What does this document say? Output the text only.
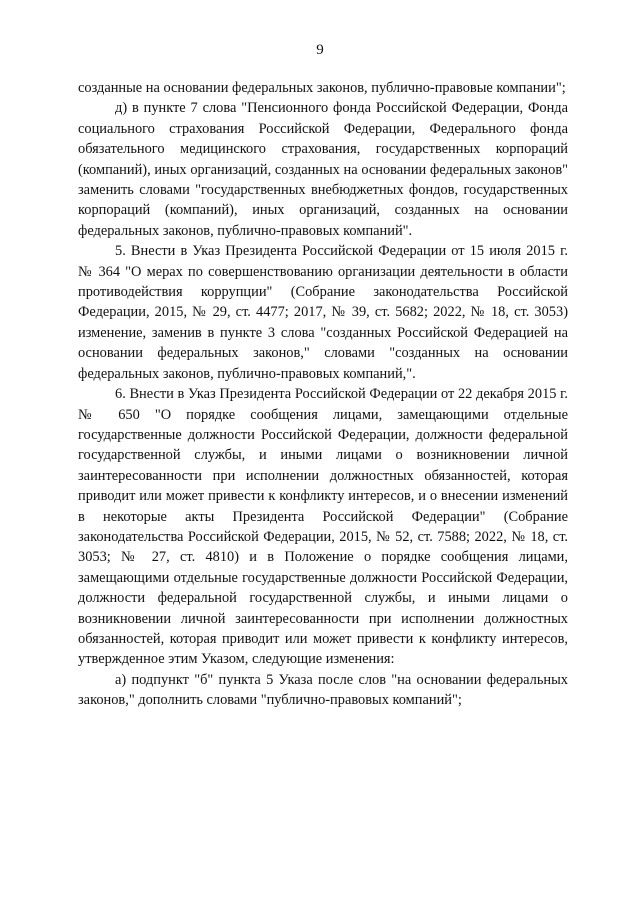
9

созданные на основании федеральных законов, публично-правовые компании";

д) в пункте 7 слова "Пенсионного фонда Российской Федерации, Фонда социального страхования Российской Федерации, Федерального фонда обязательного медицинского страхования, государственных корпораций (компаний), иных организаций, созданных на основании федеральных законов" заменить словами "государственных внебюджетных фондов, государственных корпораций (компаний), иных организаций, созданных на основании федеральных законов, публично-правовых компаний".

5. Внести в Указ Президента Российской Федерации от 15 июля 2015 г. № 364 "О мерах по совершенствованию организации деятельности в области противодействия коррупции" (Собрание законодательства Российской Федерации, 2015, № 29, ст. 4477; 2017, № 39, ст. 5682; 2022, № 18, ст. 3053) изменение, заменив в пункте 3 слова "созданных Российской Федерацией на основании федеральных законов," словами "созданных на основании федеральных законов, публично-правовых компаний,".

6. Внести в Указ Президента Российской Федерации от 22 декабря 2015 г. № 650 "О порядке сообщения лицами, замещающими отдельные государственные должности Российской Федерации, должности федеральной государственной службы, и иными лицами о возникновении личной заинтересованности при исполнении должностных обязанностей, которая приводит или может привести к конфликту интересов, и о внесении изменений в некоторые акты Президента Российской Федерации" (Собрание законодательства Российской Федерации, 2015, № 52, ст. 7588; 2022, № 18, ст. 3053; № 27, ст. 4810) и в Положение о порядке сообщения лицами, замещающими отдельные государственные должности Российской Федерации, должности федеральной государственной службы, и иными лицами о возникновении личной заинтересованности при исполнении должностных обязанностей, которая приводит или может привести к конфликту интересов, утвержденное этим Указом, следующие изменения:

а) подпункт "б" пункта 5 Указа после слов "на основании федеральных законов," дополнить словами "публично-правовых компаний";
